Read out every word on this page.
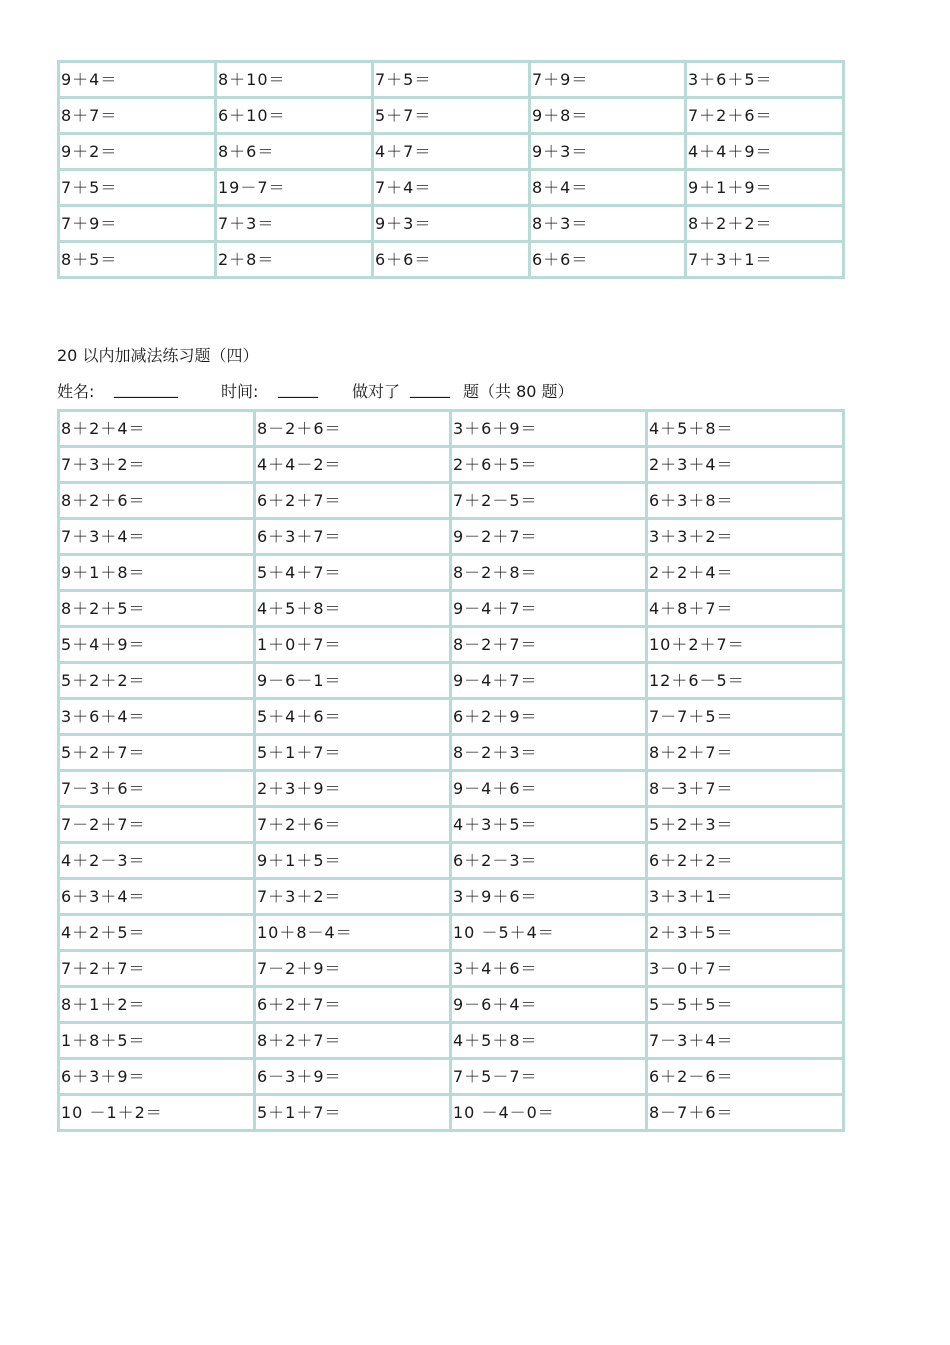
9＋4＝	8＋10＝	7＋5＝	7＋9＝	3＋6＋5＝
8＋7＝	6＋10＝	5＋7＝	9＋8＝	7＋2＋6＝
9＋2＝	8＋6＝	4＋7＝	9＋3＝	4＋4＋9＝
7＋5＝	19－7＝	7＋4＝	8＋4＝	9＋1＋9＝
7＋9＝	7＋3＝	9＋3＝	8＋3＝	8＋2＋2＝
8＋5＝	2＋8＝	6＋6＝	6＋6＝	7＋3＋1＝
20 以内加减法练习题（四）
姓名: ________	时间: _____ 做对了 _____ 题（共 80 题）
8＋2＋4＝	8－2＋6＝	3＋6＋9＝	4＋5＋8＝
7＋3＋2＝	4＋4－2＝	2＋6＋5＝	2＋3＋4＝
8＋2＋6＝	6＋2＋7＝	7＋2－5＝	6＋3＋8＝
7＋3＋4＝	6＋3＋7＝	9－2＋7＝	3＋3＋2＝
9＋1＋8＝	5＋4＋7＝	8－2＋8＝	2＋2＋4＝
8＋2＋5＝	4＋5＋8＝	9－4＋7＝	4＋8＋7＝
5＋4＋9＝	1＋0＋7＝	8－2＋7＝	10＋2＋7＝
5＋2＋2＝	9－6－1＝	9－4＋7＝	12＋6－5＝
3＋6＋4＝	5＋4＋6＝	6＋2＋9＝	7－7＋5＝
5＋2＋7＝	5＋1＋7＝	8－2＋3＝	8＋2＋7＝
7－3＋6＝	2＋3＋9＝	9－4＋6＝	8－3＋7＝
7－2＋7＝	7＋2＋6＝	4＋3＋5＝	5＋2＋3＝
4＋2－3＝	9＋1＋5＝	6＋2－3＝	6＋2＋2＝
6＋3＋4＝	7＋3＋2＝	3＋9＋6＝	3＋3＋1＝
4＋2＋5＝	10＋8－4＝	10 －5＋4＝	2＋3＋5＝
7＋2＋7＝	7－2＋9＝	3＋4＋6＝	3－0＋7＝
8＋1＋2＝	6＋2＋7＝	9－6＋4＝	5－5＋5＝
1＋8＋5＝	8＋2＋7＝	4＋5＋8＝	7－3＋4＝
6＋3＋9＝	6－3＋9＝	7＋5－7＝	6＋2－6＝
10 －1＋2＝	5＋1＋7＝	10 －4－0＝	8－7＋6＝
